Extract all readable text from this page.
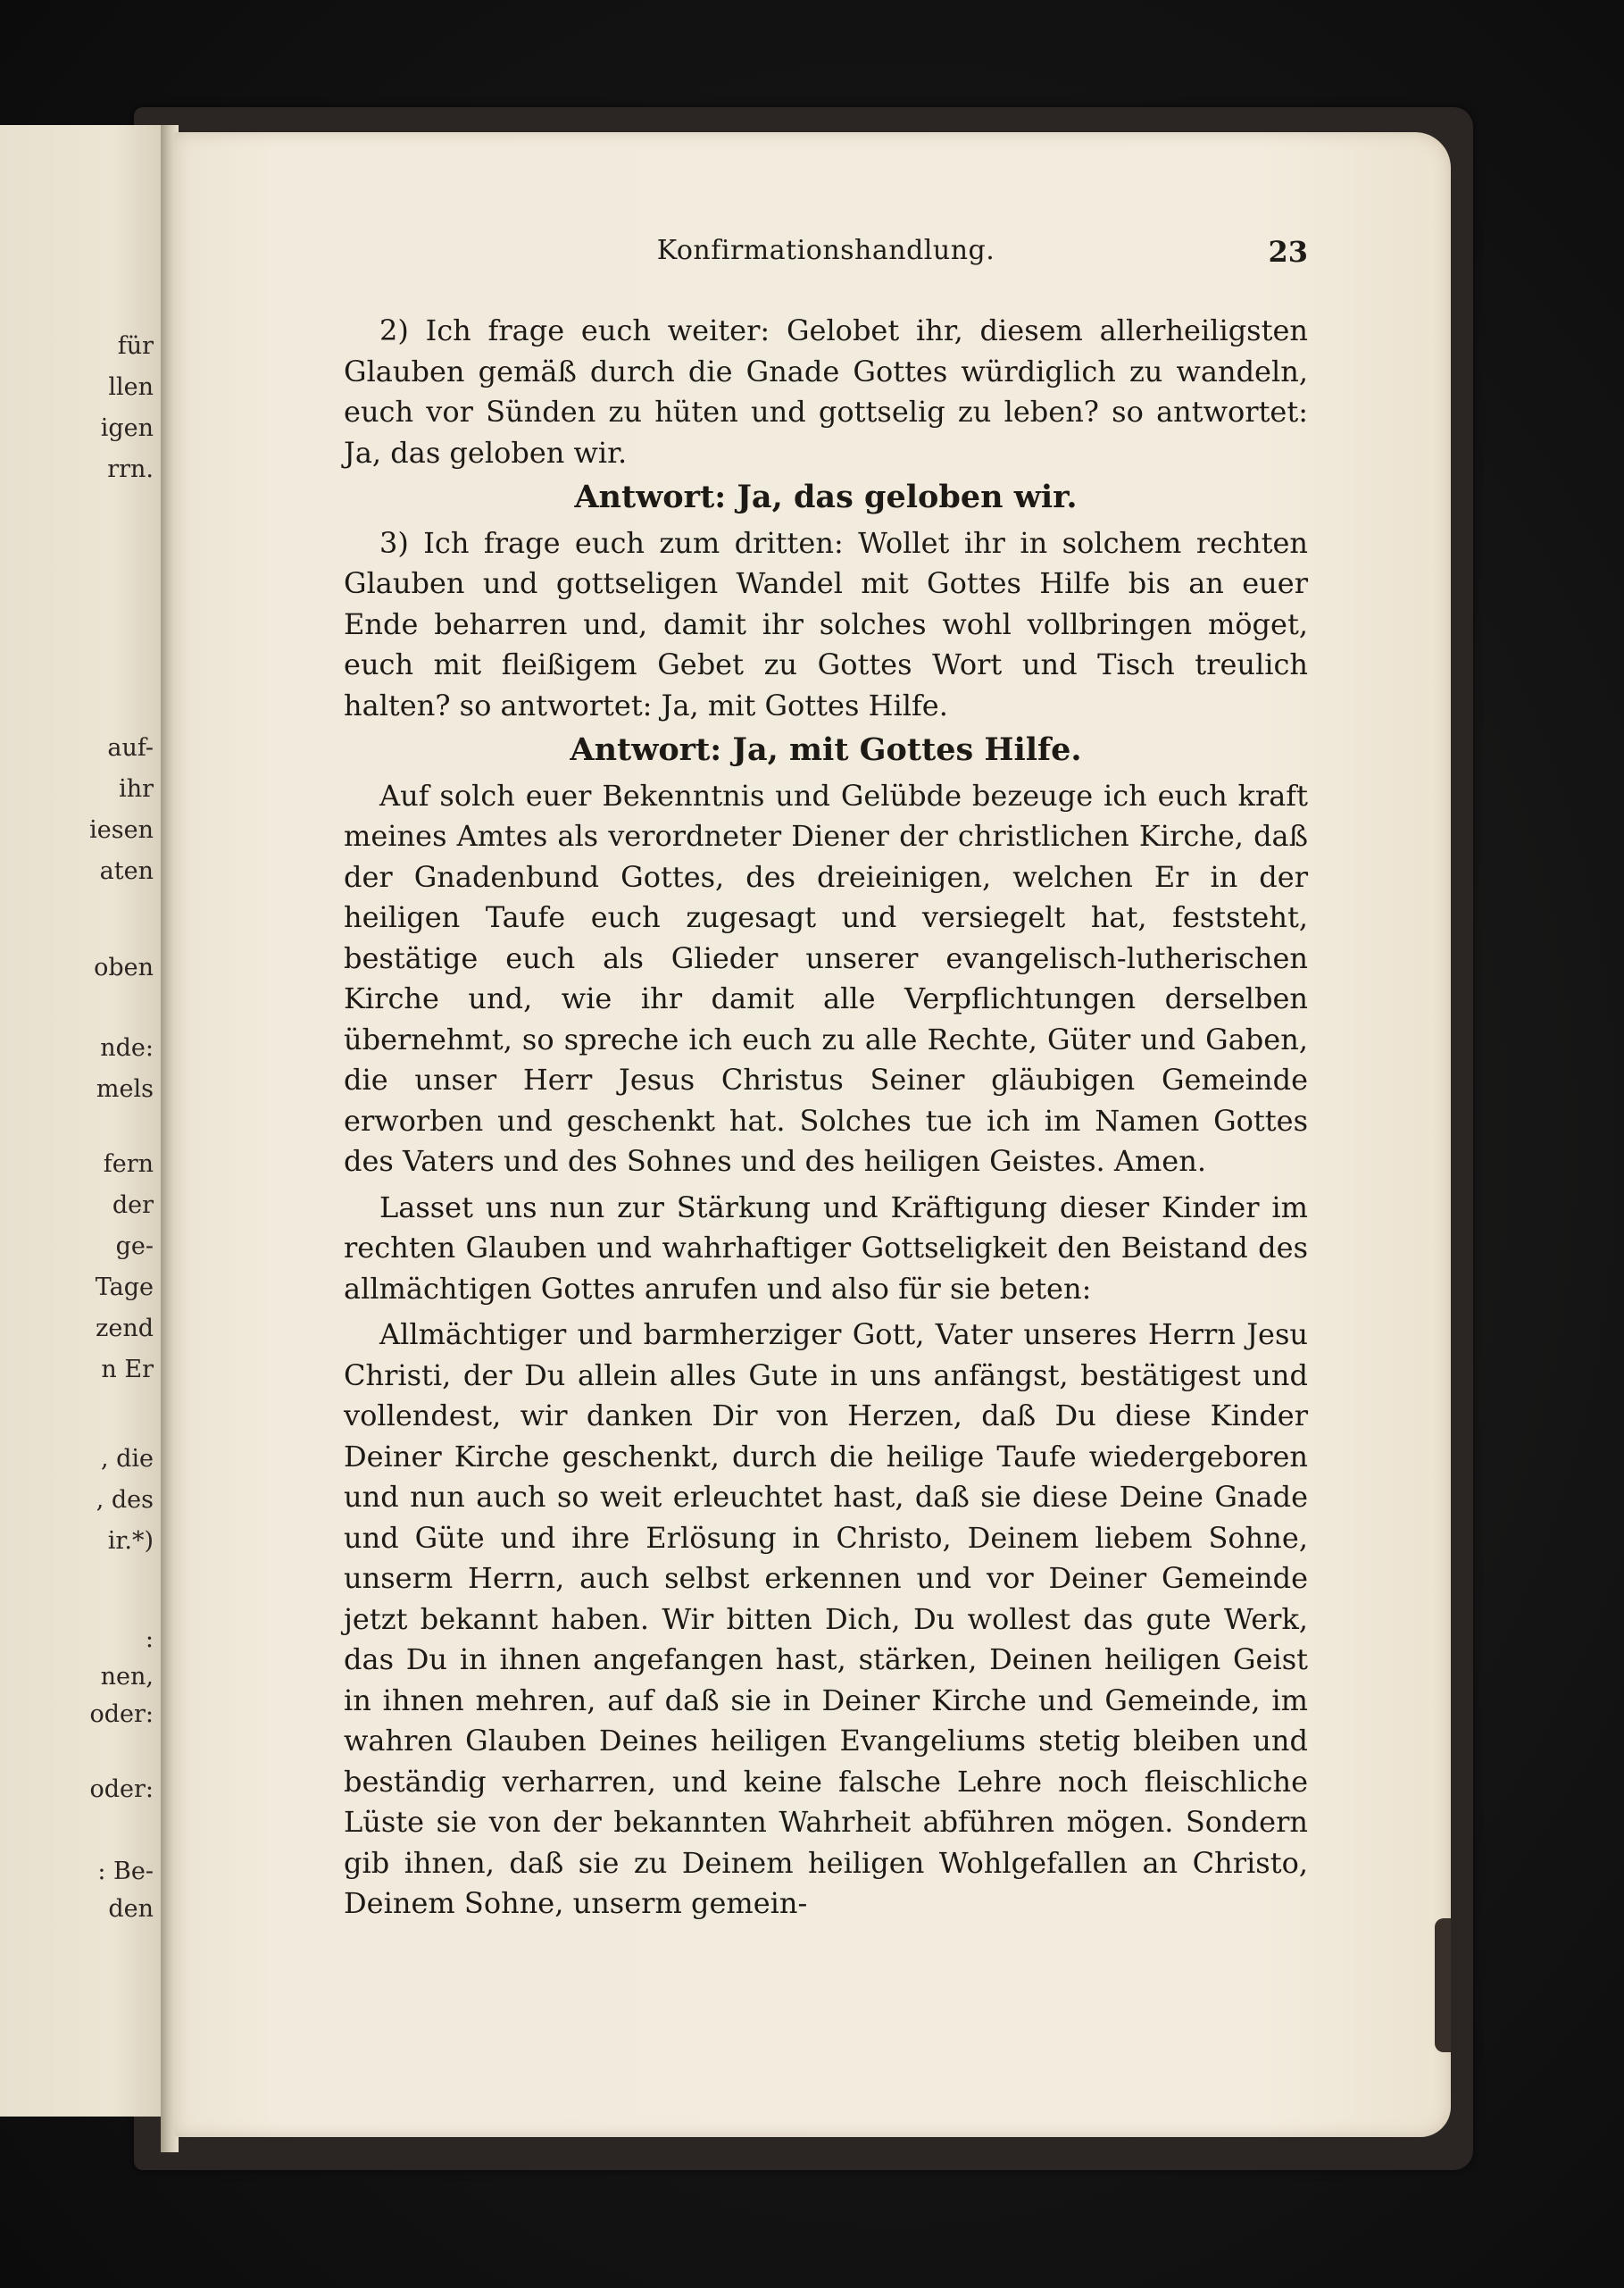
für
llen
igen
rrn.
auf-
ihr
iesen
aten
oben
nde:
mels
fern
der
ge-
Tage
zend
n Er
, die
, des
ir.*)
:
nen,
oder:
oder:
: Be-
den
Konfirmationshandlung.	23

2) Ich frage euch weiter: Gelobet ihr, diesem allerheiligsten Glauben gemäß durch die Gnade Gottes würdiglich zu wandeln, euch vor Sünden zu hüten und gottselig zu leben? so antwortet: Ja, das geloben wir.

Antwort: Ja, das geloben wir.

3) Ich frage euch zum dritten: Wollet ihr in solchem rechten Glauben und gottseligen Wandel mit Gottes Hilfe bis an euer Ende beharren und, damit ihr solches wohl vollbringen möget, euch mit fleißigem Gebet zu Gottes Wort und Tisch treulich halten? so antwortet: Ja, mit Gottes Hilfe.

Antwort: Ja, mit Gottes Hilfe.

Auf solch euer Bekenntnis und Gelübde bezeuge ich euch kraft meines Amtes als verordneter Diener der christlichen Kirche, daß der Gnadenbund Gottes, des dreieinigen, welchen Er in der heiligen Taufe euch zugesagt und versiegelt hat, feststeht, bestätige euch als Glieder unserer evangelisch-lutherischen Kirche und, wie ihr damit alle Verpflichtungen derselben übernehmt, so spreche ich euch zu alle Rechte, Güter und Gaben, die unser Herr Jesus Christus Seiner gläubigen Gemeinde erworben und geschenkt hat. Solches tue ich im Namen Gottes des Vaters und des Sohnes und des heiligen Geistes. Amen.

Lasset uns nun zur Stärkung und Kräftigung dieser Kinder im rechten Glauben und wahrhaftiger Gottseligkeit den Beistand des allmächtigen Gottes anrufen und also für sie beten:

Allmächtiger und barmherziger Gott, Vater unseres Herrn Jesu Christi, der Du allein alles Gute in uns anfängst, bestätigest und vollendest, wir danken Dir von Herzen, daß Du diese Kinder Deiner Kirche geschenkt, durch die heilige Taufe wiedergeboren und nun auch so weit erleuchtet hast, daß sie diese Deine Gnade und Güte und ihre Erlösung in Christo, Deinem liebem Sohne, unserm Herrn, auch selbst erkennen und vor Deiner Gemeinde jetzt bekannt haben. Wir bitten Dich, Du wollest das gute Werk, das Du in ihnen angefangen hast, stärken, Deinen heiligen Geist in ihnen mehren, auf daß sie in Deiner Kirche und Gemeinde, im wahren Glauben Deines heiligen Evangeliums stetig bleiben und beständig verharren, und keine falsche Lehre noch fleischliche Lüste sie von der bekannten Wahrheit abführen mögen. Sondern gib ihnen, daß sie zu Deinem heiligen Wohlgefallen an Christo, Deinem Sohne, unserm gemein-
